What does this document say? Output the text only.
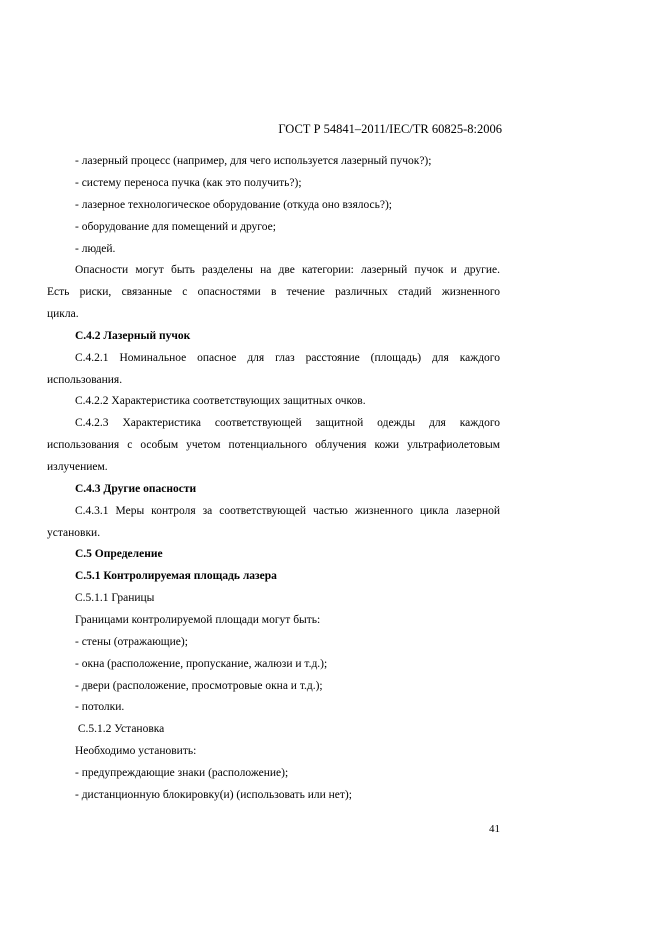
ГОСТ Р 54841–2011/IEC/TR 60825-8:2006
- лазерный процесс (например, для чего используется лазерный пучок?);
- систему переноса пучка (как это получить?);
- лазерное технологическое оборудование (откуда оно взялось?);
- оборудование для помещений и другое;
- людей.
Опасности могут быть разделены на две категории: лазерный пучок и другие.
Есть риски, связанные с опасностями в течение различных стадий жизненного
цикла.
С.4.2 Лазерный пучок
С.4.2.1 Номинальное опасное для глаз расстояние (площадь) для каждого
использования.
С.4.2.2 Характеристика соответствующих защитных очков.
С.4.2.3 Характеристика соответствующей защитной одежды для каждого
использования с особым учетом потенциального облучения кожи ультрафиолетовым
излучением.
С.4.3 Другие опасности
С.4.3.1 Меры контроля за соответствующей частью жизненного цикла лазерной
установки.
С.5 Определение
С.5.1 Контролируемая площадь лазера
С.5.1.1 Границы
Границами контролируемой площади могут быть:
- стены (отражающие);
- окна (расположение, пропускание, жалюзи и т.д.);
- двери (расположение, просмотровые окна и т.д.);
- потолки.
С.5.1.2 Установка
Необходимо установить:
- предупреждающие знаки (расположение);
- дистанционную блокировку(и) (использовать или нет);
41
